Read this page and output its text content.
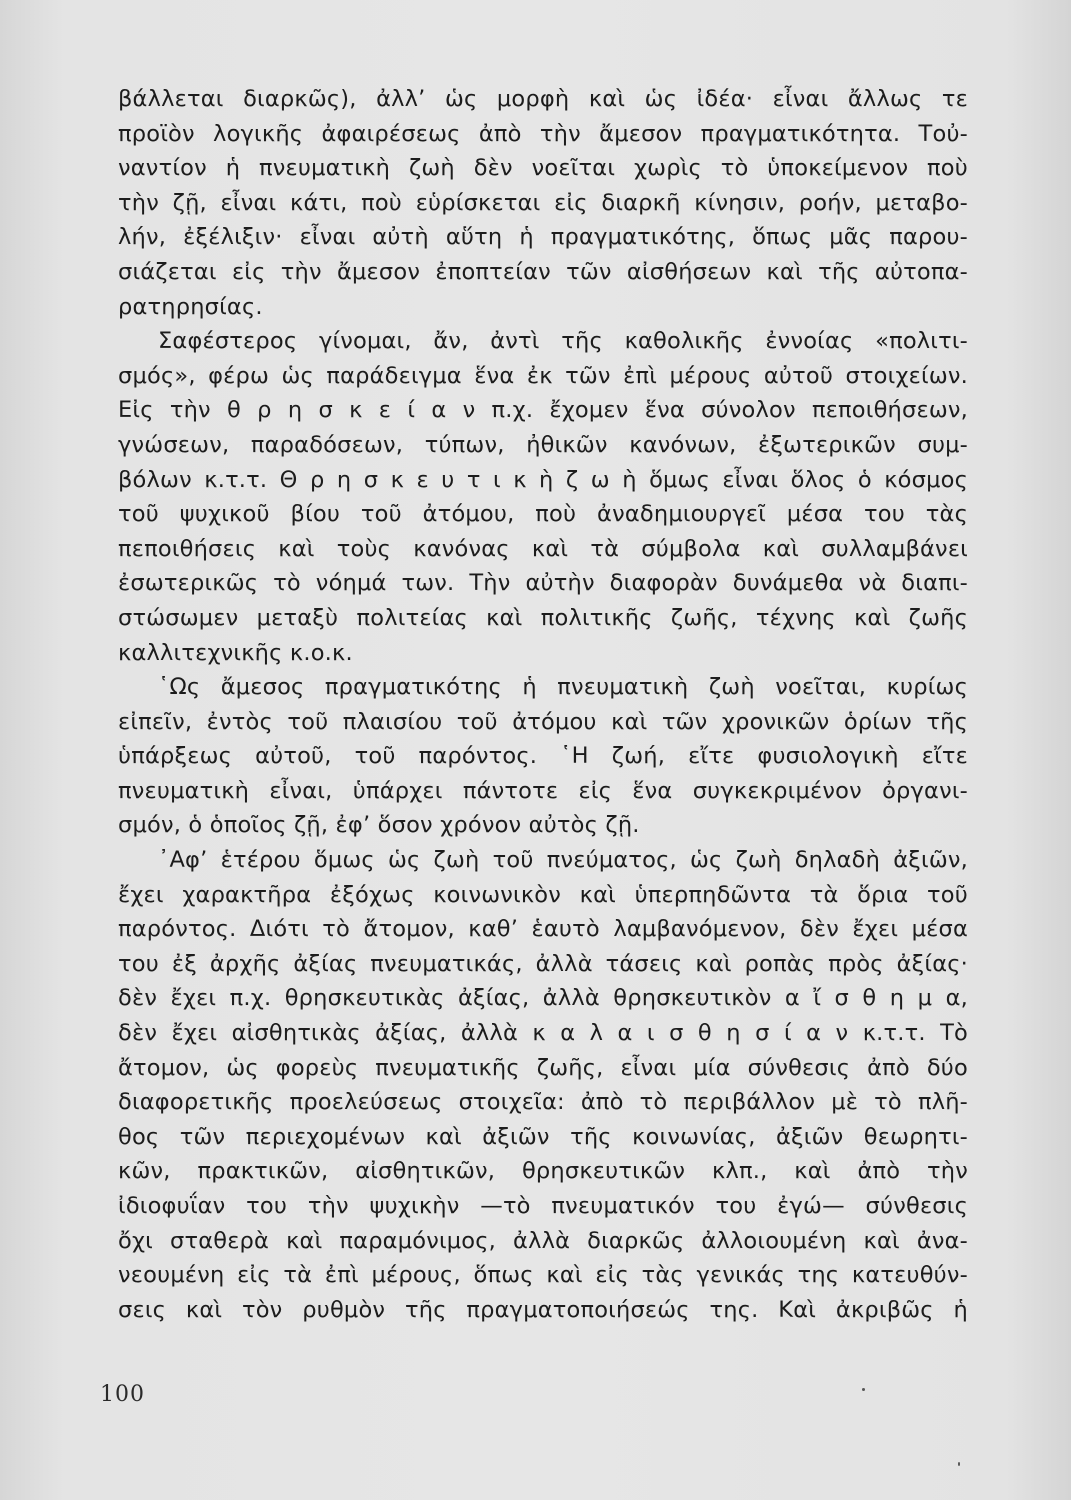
βάλλεται διαρκῶς), ἀλλ’ ὡς μορφὴ καὶ ὡς ἰδέα· εἶναι ἄλλως τε
προϊὸν λογικῆς ἀφαιρέσεως ἀπὸ τὴν ἄμεσον πραγματικότητα. Τοὐ-
ναντίον ἡ πνευματικὴ ζωὴ δὲν νοεῖται χωρὶς τὸ ὑποκείμενον ποὺ
τὴν ζῇ, εἶναι κάτι, ποὺ εὑρίσκεται εἰς διαρκῆ κίνησιν, ροήν, μεταβο-
λήν, ἐξέλιξιν· εἶναι αὐτὴ αὕτη ἡ πραγματικότης, ὅπως μᾶς παρου-
σιάζεται εἰς τὴν ἄμεσον ἐποπτείαν τῶν αἰσθήσεων καὶ τῆς αὐτοπα-
ρατηρησίας.
Σαφέστερος γίνομαι, ἄν, ἀντὶ τῆς καθολικῆς ἐννοίας «πολιτι-
σμός», φέρω ὡς παράδειγμα ἕνα ἐκ τῶν ἐπὶ μέρους αὐτοῦ στοιχείων.
Εἰς τὴν θ ρ η σ κ ε ί α ν π.χ. ἔχομεν ἕνα σύνολον πεποιθήσεων,
γνώσεων, παραδόσεων, τύπων, ἠθικῶν κανόνων, ἐξωτερικῶν συμ-
βόλων κ.τ.τ. Θ ρ η σ κ ε υ τ ι κ ὴ ζ ω ὴ ὅμως εἶναι ὅλος ὁ κόσμος
τοῦ ψυχικοῦ βίου τοῦ ἀτόμου, ποὺ ἀναδημιουργεῖ μέσα του τὰς
πεποιθήσεις καὶ τοὺς κανόνας καὶ τὰ σύμβολα καὶ συλλαμβάνει
ἐσωτερικῶς τὸ νόημά των. Τὴν αὐτὴν διαφορὰν δυνάμεθα νὰ διαπι-
στώσωμεν μεταξὺ πολιτείας καὶ πολιτικῆς ζωῆς, τέχνης καὶ ζωῆς
καλλιτεχνικῆς κ.ο.κ.
῾Ως ἄμεσος πραγματικότης ἡ πνευματικὴ ζωὴ νοεῖται, κυρίως
εἰπεῖν, ἐντὸς τοῦ πλαισίου τοῦ ἀτόμου καὶ τῶν χρονικῶν ὁρίων τῆς
ὑπάρξεως αὐτοῦ, τοῦ παρόντος. ῾Η ζωή, εἴτε φυσιολογικὴ εἴτε
πνευματικὴ εἶναι, ὑπάρχει πάντοτε εἰς ἕνα συγκεκριμένον ὀργανι-
σμόν, ὁ ὁποῖος ζῇ, ἐφ’ ὅσον χρόνον αὐτὸς ζῇ.
᾿Αφ’ ἑτέρου ὅμως ὡς ζωὴ τοῦ πνεύματος, ὡς ζωὴ δηλαδὴ ἀξιῶν,
ἔχει χαρακτῆρα ἐξόχως κοινωνικὸν καὶ ὑπερπηδῶντα τὰ ὅρια τοῦ
παρόντος. Διότι τὸ ἄτομον, καθ’ ἑαυτὸ λαμβανόμενον, δὲν ἔχει μέσα
του ἐξ ἀρχῆς ἀξίας πνευματικάς, ἀλλὰ τάσεις καὶ ροπὰς πρὸς ἀξίας·
δὲν ἔχει π.χ. θρησκευτικὰς ἀξίας, ἀλλὰ θρησκευτικὸν α ἴ σ θ η μ α,
δὲν ἔχει αἰσθητικὰς ἀξίας, ἀλλὰ κ α λ α ι σ θ η σ ί α ν κ.τ.τ. Τὸ
ἄτομον, ὡς φορεὺς πνευματικῆς ζωῆς, εἶναι μία σύνθεσις ἀπὸ δύο
διαφορετικῆς προελεύσεως στοιχεῖα: ἀπὸ τὸ περιβάλλον μὲ τὸ πλῆ-
θος τῶν περιεχομένων καὶ ἀξιῶν τῆς κοινωνίας, ἀξιῶν θεωρητι-
κῶν, πρακτικῶν, αἰσθητικῶν, θρησκευτικῶν κλπ., καὶ ἀπὸ τὴν
ἰδιοφυΐαν του τὴν ψυχικὴν —τὸ πνευματικόν του ἐγώ— σύνθεσις
ὄχι σταθερὰ καὶ παραμόνιμος, ἀλλὰ διαρκῶς ἀλλοιουμένη καὶ ἀνα-
νεουμένη εἰς τὰ ἐπὶ μέρους, ὅπως καὶ εἰς τὰς γενικάς της κατευθύν-
σεις καὶ τὸν ρυθμὸν τῆς πραγματοποιήσεώς της. Καὶ ἀκριβῶς ἡ
100
